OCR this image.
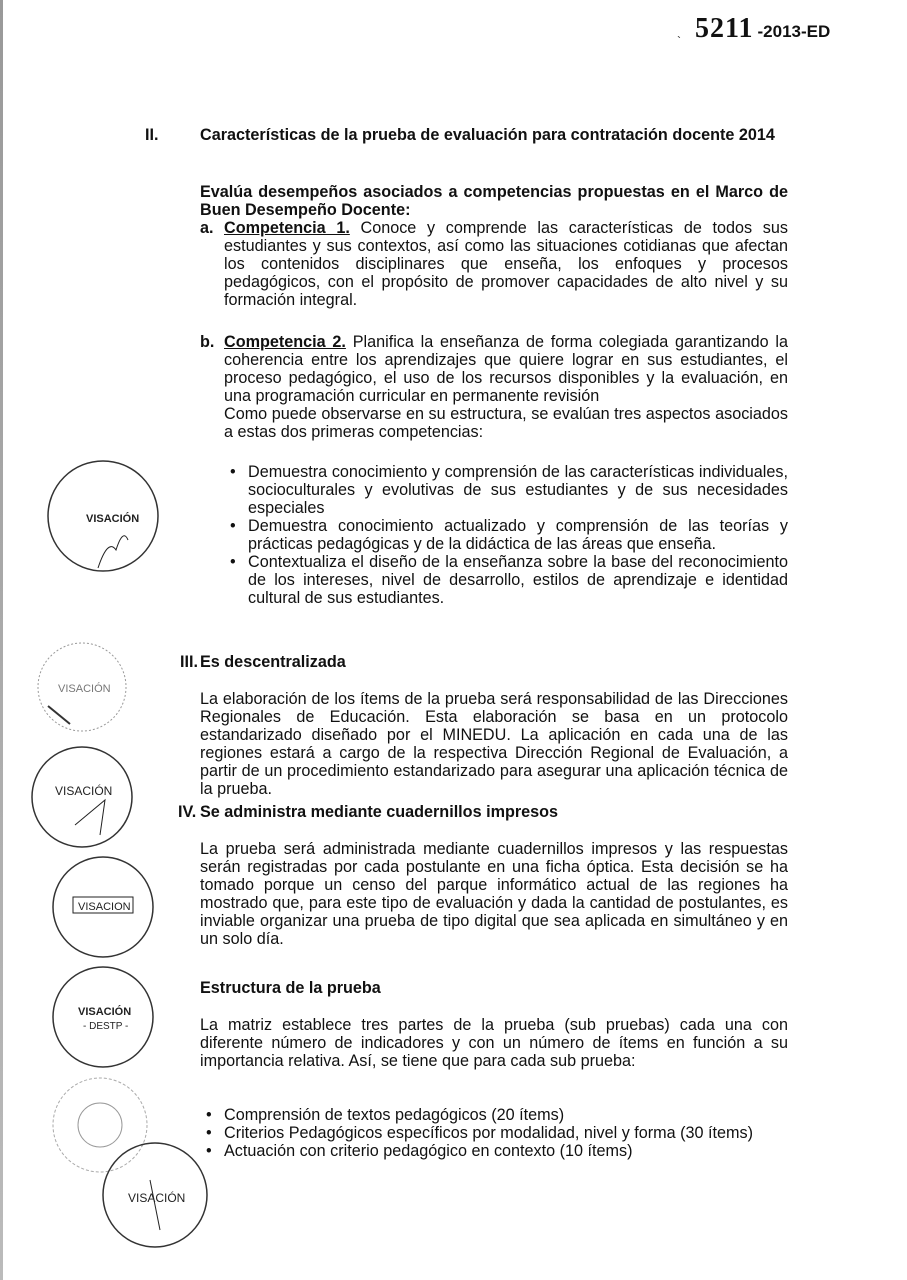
` 5211 -2013-ED
II.	Características de la prueba de evaluación para contratación docente 2014
Evalúa desempeños asociados a competencias propuestas en el Marco de Buen Desempeño Docente:
a. Competencia 1. Conoce y comprende las características de todos sus estudiantes y sus contextos, así como las situaciones cotidianas que afectan los contenidos disciplinares que enseña, los enfoques y procesos pedagógicos, con el propósito de promover capacidades de alto nivel y su formación integral.
b. Competencia 2. Planifica la enseñanza de forma colegiada garantizando la coherencia entre los aprendizajes que quiere lograr en sus estudiantes, el proceso pedagógico, el uso de los recursos disponibles y la evaluación, en una programación curricular en permanente revisión
Como puede observarse en su estructura, se evalúan tres aspectos asociados a estas dos primeras competencias:
• Demuestra conocimiento y comprensión de las características individuales, socioculturales y evolutivas de sus estudiantes y de sus necesidades especiales
• Demuestra conocimiento actualizado y comprensión de las teorías y prácticas pedagógicas y de la didáctica de las áreas que enseña.
• Contextualiza el diseño de la enseñanza sobre la base del reconocimiento de los intereses, nivel de desarrollo, estilos de aprendizaje e identidad cultural de sus estudiantes.
III. Es descentralizada
La elaboración de los ítems de la prueba será responsabilidad de las Direcciones Regionales de Educación. Esta elaboración se basa en un protocolo estandarizado diseñado por el MINEDU. La aplicación en cada una de las regiones estará a cargo de la respectiva Dirección Regional de Evaluación, a partir de un procedimiento estandarizado para asegurar una aplicación técnica de la prueba.
IV. Se administra mediante cuadernillos impresos
La prueba será administrada mediante cuadernillos impresos y las respuestas serán registradas por cada postulante en una ficha óptica. Esta decisión se ha tomado porque un censo del parque informático actual de las regiones ha mostrado que, para este tipo de evaluación y dada la cantidad de postulantes, es inviable organizar una prueba de tipo digital que sea aplicada en simultáneo y en un solo día.
Estructura de la prueba
La matriz establece tres partes de la prueba (sub pruebas) cada una con diferente número de indicadores y con un número de ítems en función a su importancia relativa. Así, se tiene que para cada sub prueba:
• Comprensión de textos pedagógicos (20 ítems)
• Criterios Pedagógicos específicos por modalidad, nivel y forma (30 ítems)
• Actuación con criterio pedagógico en contexto (10 ítems)
VISACIÓN
VISACIÓN
VISACIÓN
VISACION
VISACIÓN
- DESTP -
VISACIÓN
